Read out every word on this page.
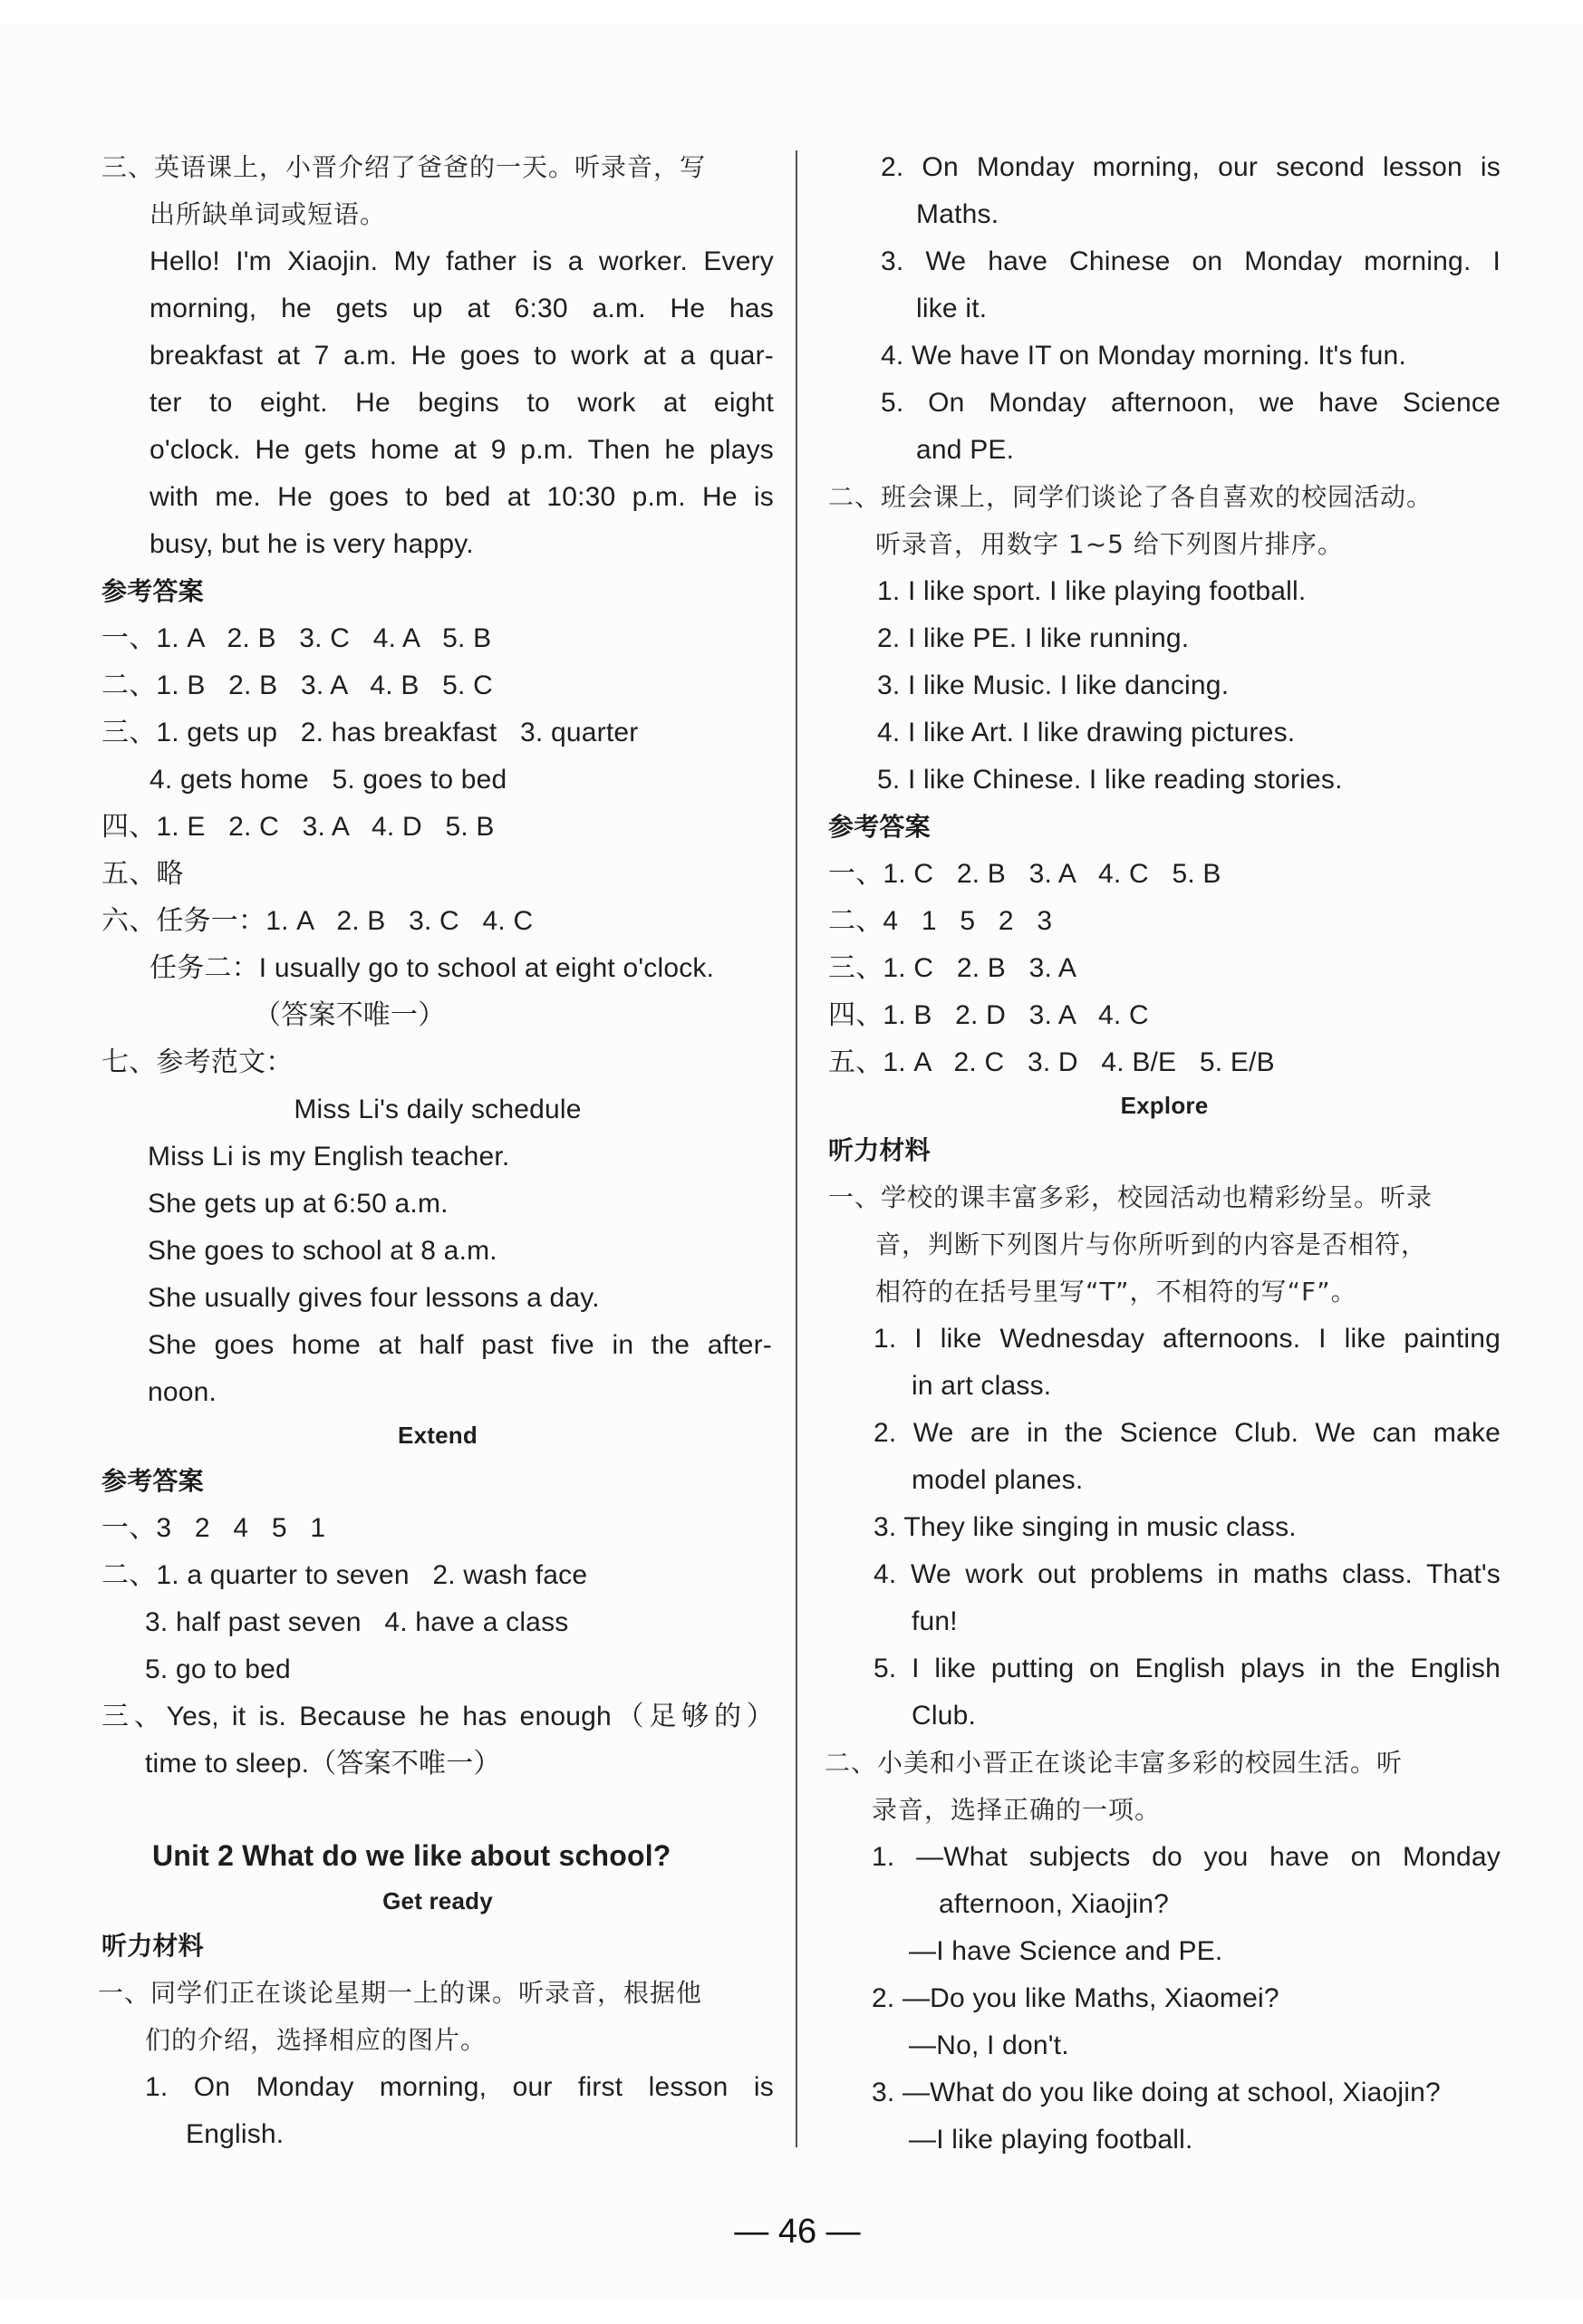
三、英语课上，小晋介绍了爸爸的一天。听录音，写
出所缺单词或短语。
Hello! I'm Xiaojin. My father is a worker. Every
morning, he gets up at 6:30 a.m. He has
breakfast at 7 a.m. He goes to work at a quar-
ter to eight. He begins to work at eight
o'clock. He gets home at 9 p.m. Then he plays
with me. He goes to bed at 10:30 p.m. He is
busy, but he is very happy.
参考答案
一、1. A   2. B   3. C   4. A   5. B
二、1. B   2. B   3. A   4. B   5. C
三、1. gets up   2. has breakfast   3. quarter
4. gets home   5. goes to bed
四、1. E   2. C   3. A   4. D   5. B
五、略
六、任务一：1. A   2. B   3. C   4. C
任务二：I usually go to school at eight o'clock.
（答案不唯一）
七、参考范文：
Miss Li's daily schedule
Miss Li is my English teacher.
She gets up at 6:50 a.m.
She goes to school at 8 a.m.
She usually gives four lessons a day.
She goes home at half past five in the after-
noon.
Extend
参考答案
一、3   2   4   5   1
二、1. a quarter to seven   2. wash face
3. half past seven   4. have a class
5. go to bed
三、Yes, it is. Because he has enough（足够的）
time to sleep.（答案不唯一）
Unit 2 What do we like about school?
Get ready
听力材料
一、同学们正在谈论星期一上的课。听录音，根据他
们的介绍，选择相应的图片。
1. On Monday morning, our first lesson is
English.
2. On Monday morning, our second lesson is
Maths.
3. We have Chinese on Monday morning. I
like it.
4. We have IT on Monday morning. It's fun.
5. On Monday afternoon, we have Science
and PE.
二、班会课上，同学们谈论了各自喜欢的校园活动。
听录音，用数字 1~5 给下列图片排序。
1. I like sport. I like playing football.
2. I like PE. I like running.
3. I like Music. I like dancing.
4. I like Art. I like drawing pictures.
5. I like Chinese. I like reading stories.
参考答案
一、1. C   2. B   3. A   4. C   5. B
二、4   1   5   2   3
三、1. C   2. B   3. A
四、1. B   2. D   3. A   4. C
五、1. A   2. C   3. D   4. B/E   5. E/B
Explore
听力材料
一、学校的课丰富多彩，校园活动也精彩纷呈。听录
音，判断下列图片与你所听到的内容是否相符，
相符的在括号里写“T”，不相符的写“F”。
1. I like Wednesday afternoons. I like painting
in art class.
2. We are in the Science Club. We can make
model planes.
3. They like singing in music class.
4. We work out problems in maths class. That's
fun!
5. I like putting on English plays in the English
Club.
二、小美和小晋正在谈论丰富多彩的校园生活。听
录音，选择正确的一项。
1. —What subjects do you have on Monday
afternoon, Xiaojin?
—I have Science and PE.
2. —Do you like Maths, Xiaomei?
—No, I don't.
3. —What do you like doing at school, Xiaojin?
—I like playing football.
— 46 —
